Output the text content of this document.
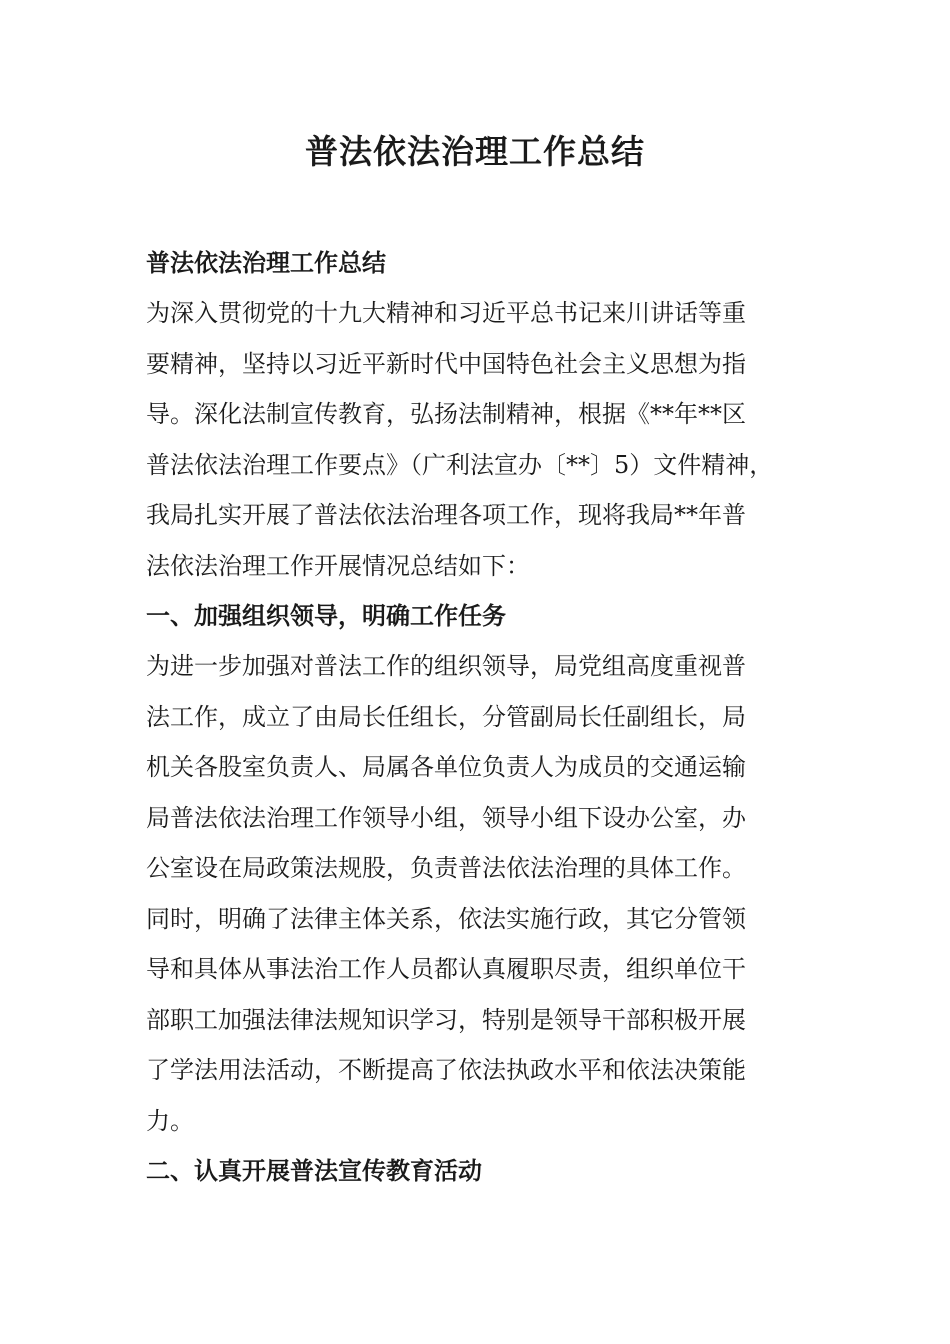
普法依法治理工作总结

普法依法治理工作总结

为深入贯彻党的十九大精神和习近平总书记来川讲话等重
要精神，坚持以习近平新时代中国特色社会主义思想为指
导。深化法制宣传教育，弘扬法制精神，根据《**年**区
普法依法治理工作要点》（广利法宣办〔**〕5）文件精神，
我局扎实开展了普法依法治理各项工作，现将我局**年普
法依法治理工作开展情况总结如下：

一、加强组织领导，明确工作任务

为进一步加强对普法工作的组织领导，局党组高度重视普
法工作，成立了由局长任组长，分管副局长任副组长，局
机关各股室负责人、局属各单位负责人为成员的交通运输
局普法依法治理工作领导小组，领导小组下设办公室，办
公室设在局政策法规股，负责普法依法治理的具体工作。
同时，明确了法律主体关系，依法实施行政，其它分管领
导和具体从事法治工作人员都认真履职尽责，组织单位干
部职工加强法律法规知识学习，特别是领导干部积极开展
了学法用法活动，不断提高了依法执政水平和依法决策能
力。

二、认真开展普法宣传教育活动
